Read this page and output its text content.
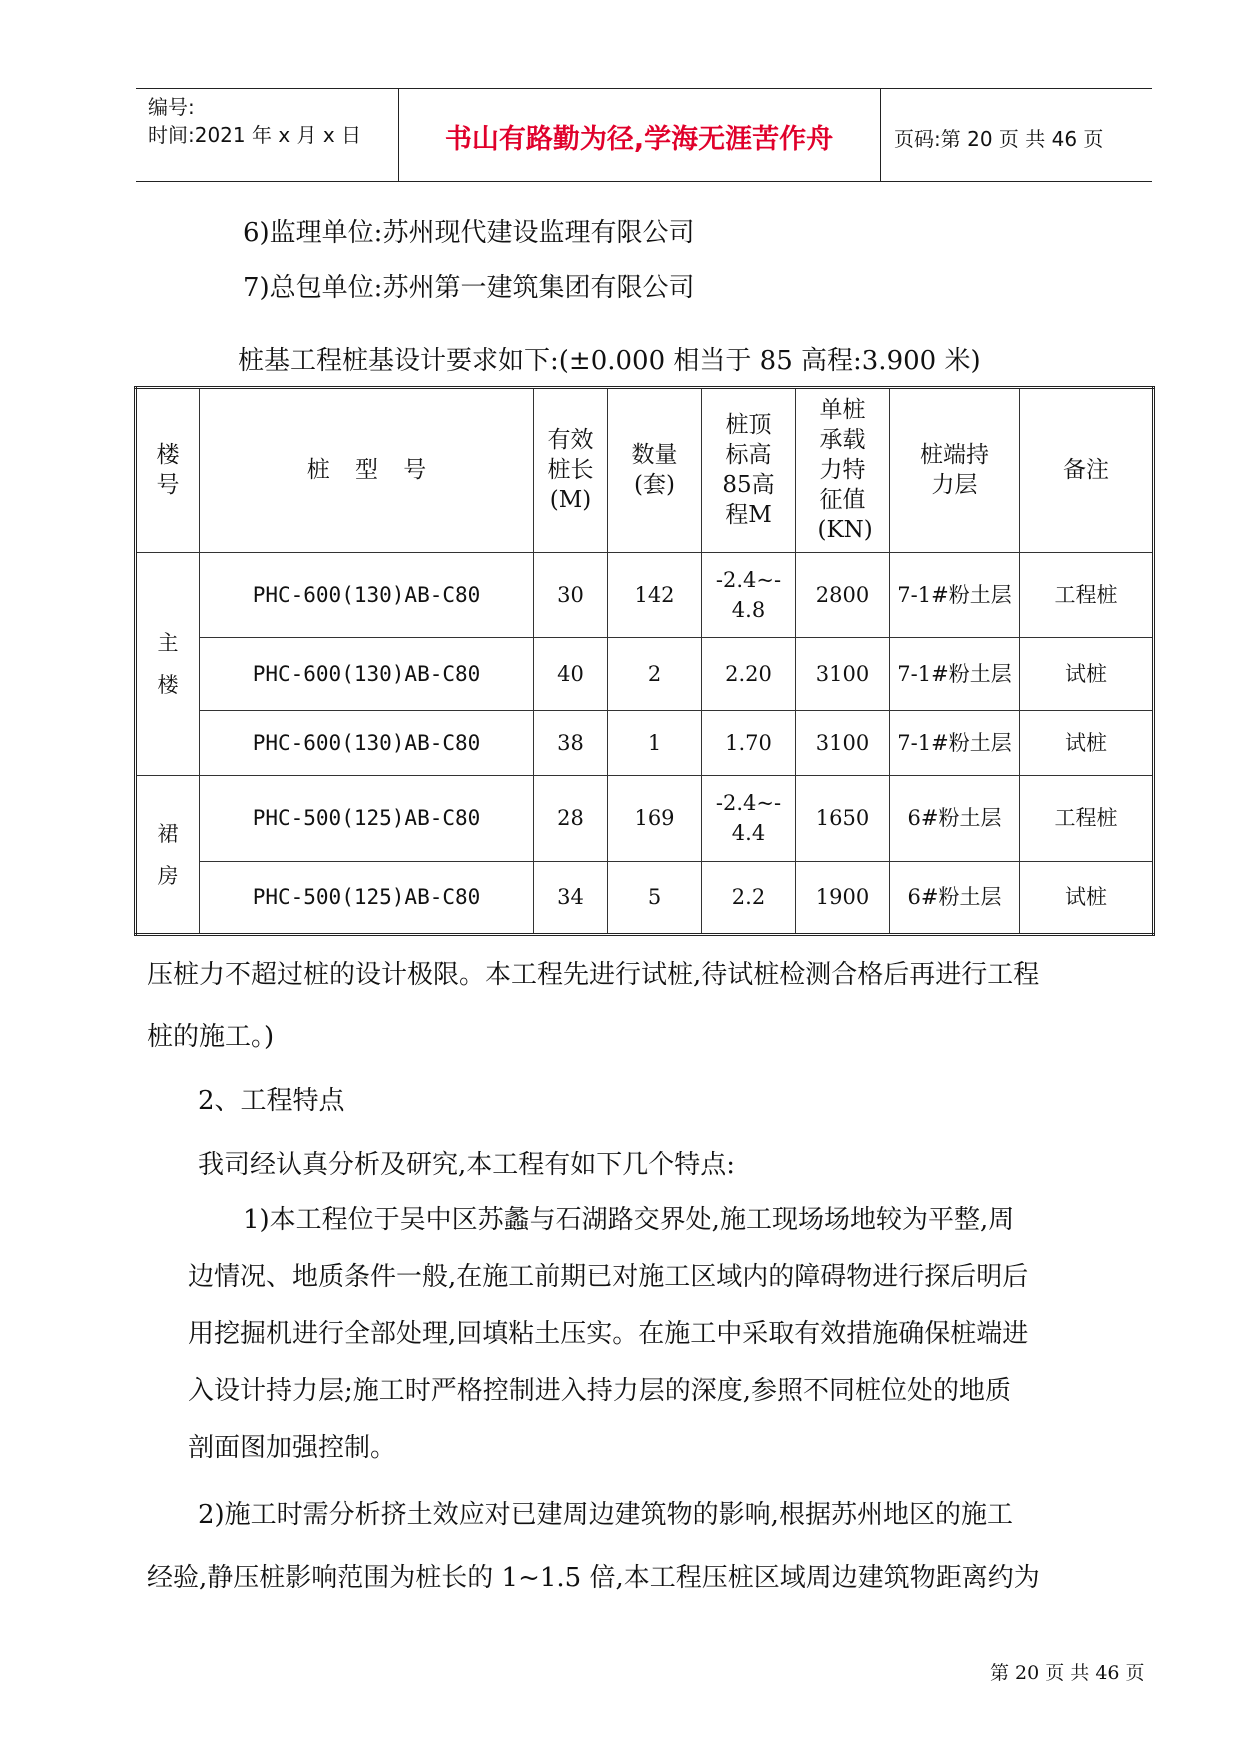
编号:
时间:2021 年 x 月 x 日	书山有路勤为径,学海无涯苦作舟	页码:第 20 页 共 46 页
6)监理单位:苏州现代建设监理有限公司
7)总包单位:苏州第一建筑集团有限公司
桩基工程桩基设计要求如下:(±0.000 相当于 85 高程:3.900 米)
楼号	桩 型 号	有效桩长(M)	数量(套)	桩顶标高85高程M	单桩承载力特征值(KN)	桩端持力层	备注

主楼	PHC-600(130)AB-C80	30	142	-2.4~-4.8	2800	7-1#粉土层	工程桩
	PHC-600(130)AB-C80	40	2	2.20	3100	7-1#粉土层	试桩
	PHC-600(130)AB-C80	38	1	1.70	3100	7-1#粉土层	试桩

裙房	PHC-500(125)AB-C80	28	169	-2.4~-4.4	1650	6#粉土层	工程桩
	PHC-500(125)AB-C80	34	5	2.2	1900	6#粉土层	试桩
压桩力不超过桩的设计极限。本工程先进行试桩,待试桩检测合格后再进行工程
桩的施工。)
2、工程特点
我司经认真分析及研究,本工程有如下几个特点:
1)本工程位于吴中区苏蠡与石湖路交界处,施工现场场地较为平整,周
边情况、地质条件一般,在施工前期已对施工区域内的障碍物进行探后明后
用挖掘机进行全部处理,回填粘土压实。在施工中采取有效措施确保桩端进
入设计持力层;施工时严格控制进入持力层的深度,参照不同桩位处的地质
剖面图加强控制。
2)施工时需分析挤土效应对已建周边建筑物的影响,根据苏州地区的施工
经验,静压桩影响范围为桩长的 1~1.5 倍,本工程压桩区域周边建筑物距离约为
第 20 页 共 46 页
